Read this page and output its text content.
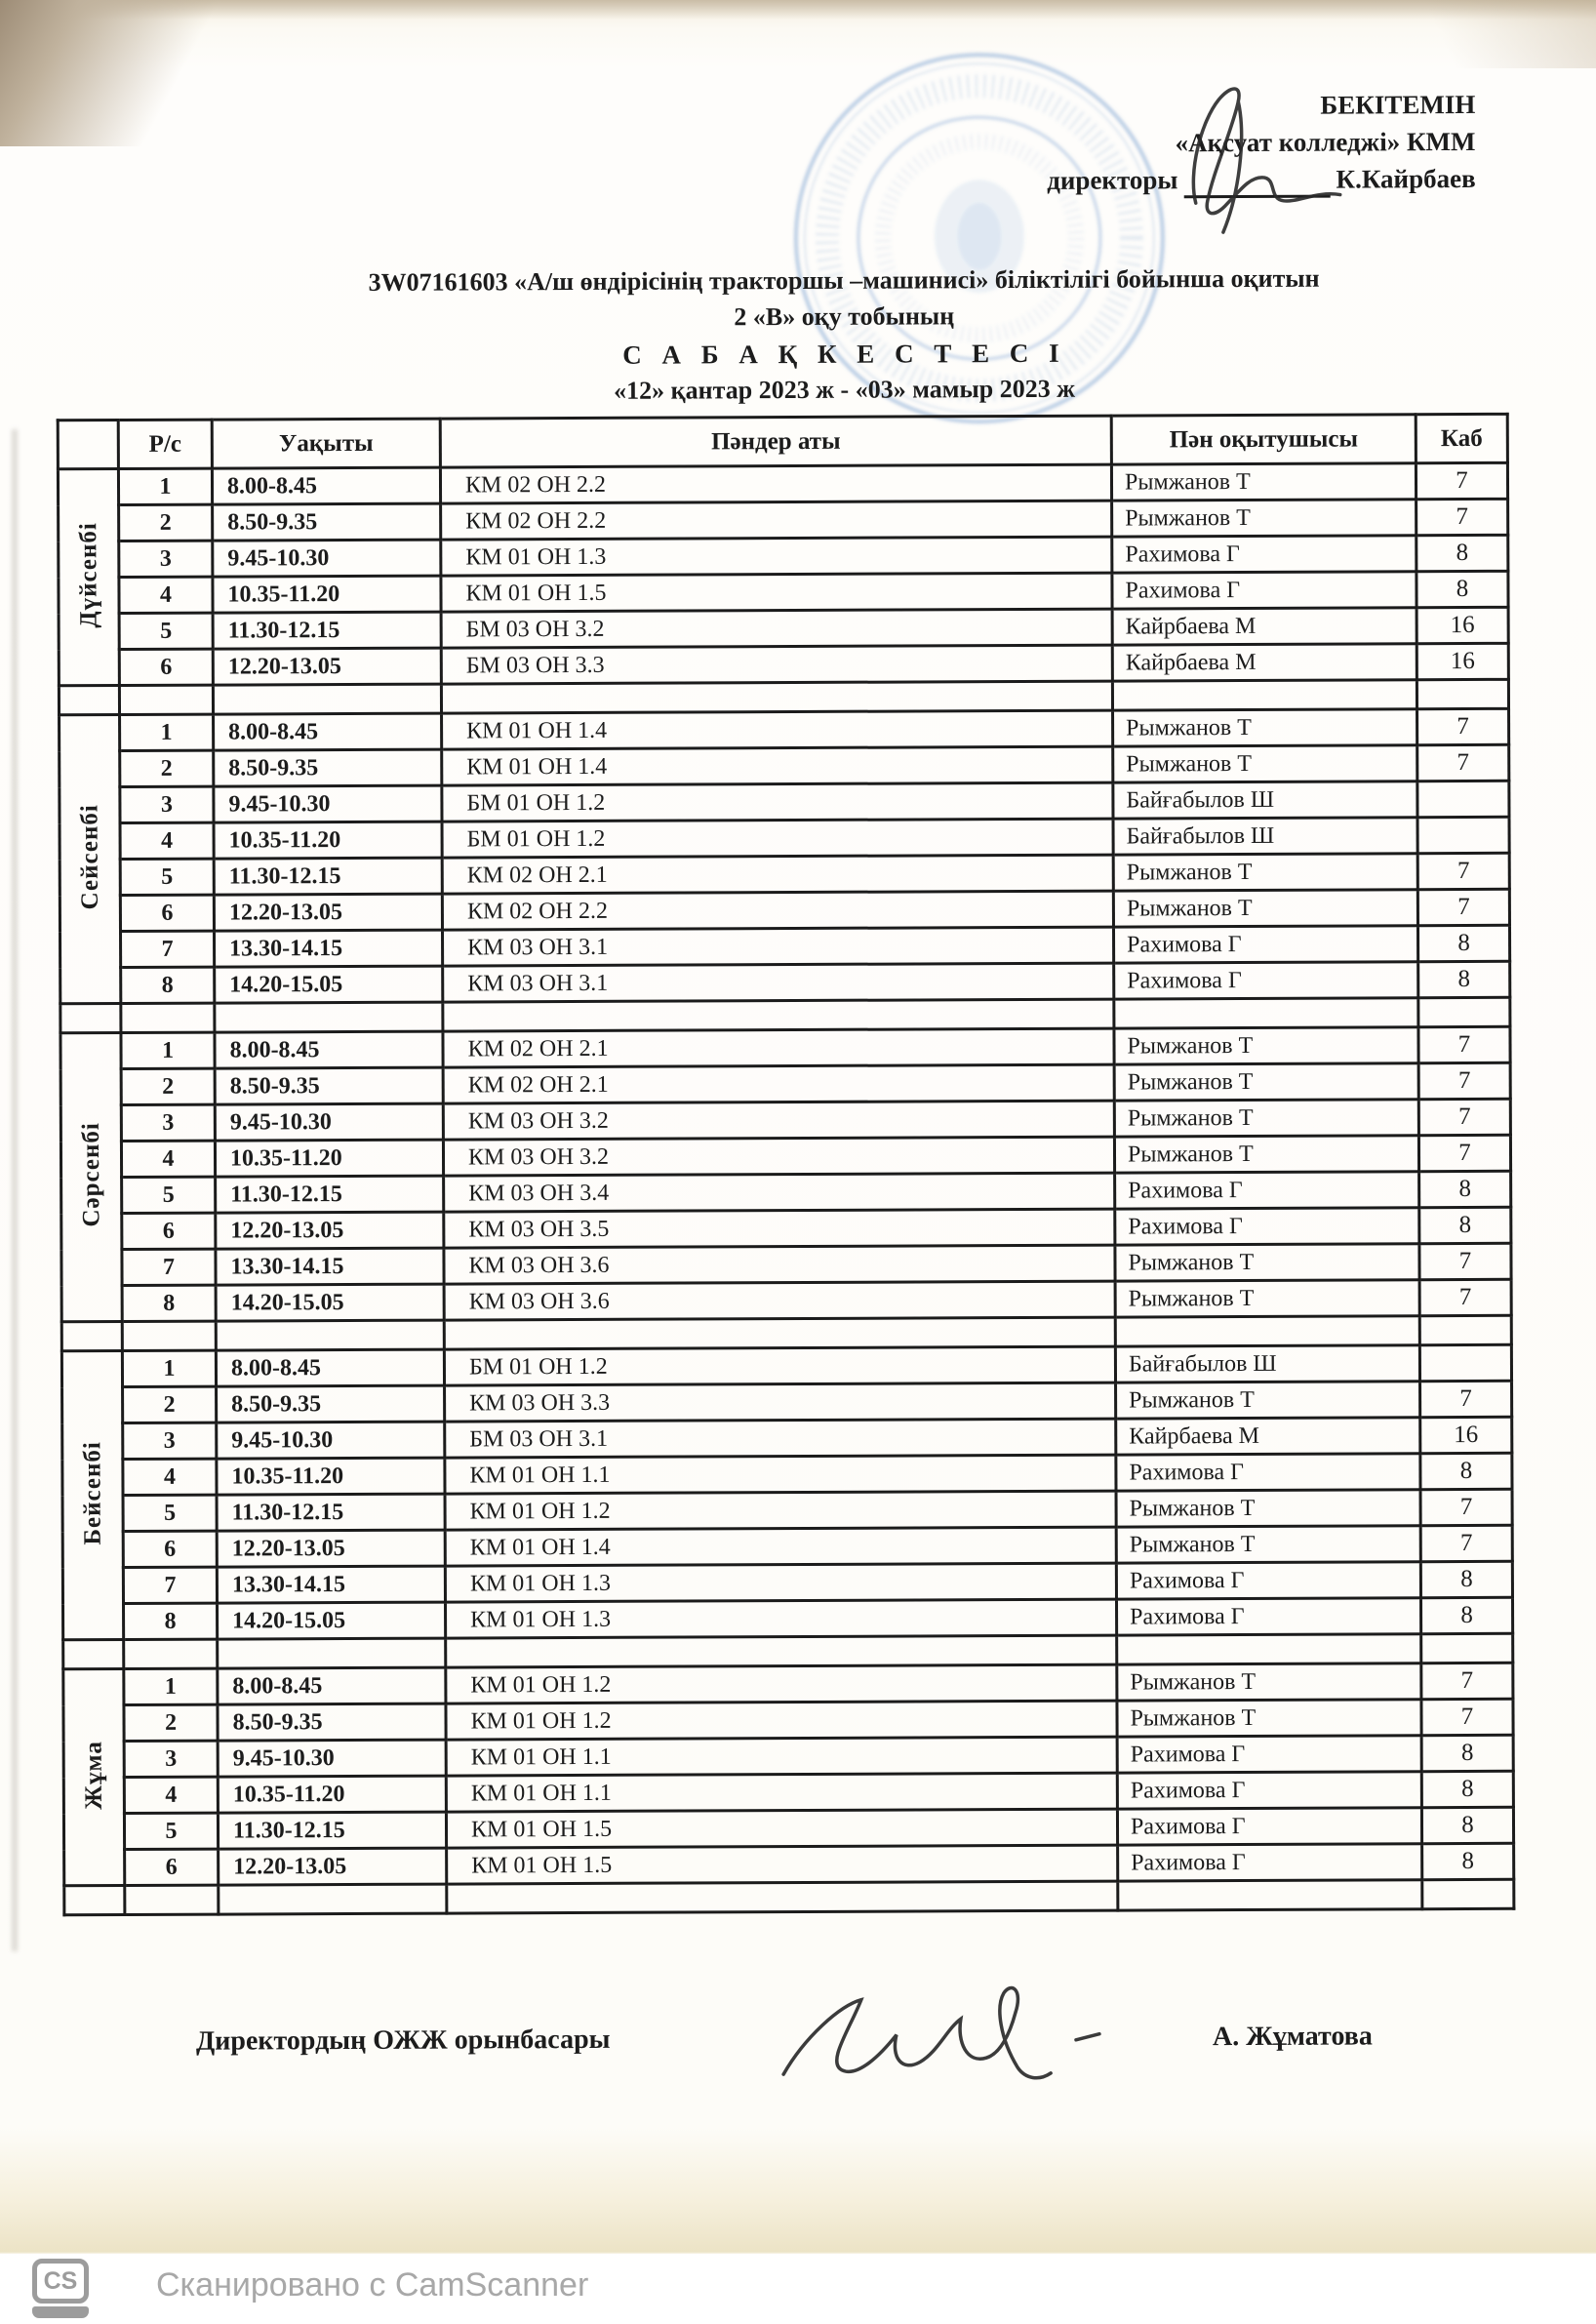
БЕКІТЕМІН
«Ақсуат колледжі» КММ
директоры	К.Кайрбаев
3W07161603 «А/ш өндірісінің тракторшы –машинисі» біліктілігі бойынша оқитын
2 «В» оқу тобының
С А Б А Қ К Е С Т Е С І
«12» қантар 2023 ж - «03» мамыр 2023 ж
	Р/с	Уақыты	Пәндер аты	Пән оқытушысы	Каб
Дүйсенбі	1	8.00-8.45	КМ 02 ОН 2.2	Рымжанов Т	7
	2	8.50-9.35	КМ 02 ОН 2.2	Рымжанов Т	7
	3	9.45-10.30	КМ 01 ОН 1.3	Рахимова Г	8
	4	10.35-11.20	КМ 01 ОН 1.5	Рахимова Г	8
	5	11.30-12.15	БМ 03 ОН 3.2	Кайрбаева М	16
	6	12.20-13.05	БМ 03 ОН 3.3	Кайрбаева М	16

Сейсенбі	1	8.00-8.45	КМ 01 ОН 1.4	Рымжанов Т	7
	2	8.50-9.35	КМ 01 ОН 1.4	Рымжанов Т	7
	3	9.45-10.30	БМ 01 ОН 1.2	Байғабылов Ш	
	4	10.35-11.20	БМ 01 ОН 1.2	Байғабылов Ш	
	5	11.30-12.15	КМ 02 ОН 2.1	Рымжанов Т	7
	6	12.20-13.05	КМ 02 ОН 2.2	Рымжанов Т	7
	7	13.30-14.15	КМ 03 ОН 3.1	Рахимова Г	8
	8	14.20-15.05	КМ 03 ОН 3.1	Рахимова Г	8

Сәрсенбі	1	8.00-8.45	КМ 02 ОН 2.1	Рымжанов Т	7
	2	8.50-9.35	КМ 02 ОН 2.1	Рымжанов Т	7
	3	9.45-10.30	КМ 03 ОН 3.2	Рымжанов Т	7
	4	10.35-11.20	КМ 03 ОН 3.2	Рымжанов Т	7
	5	11.30-12.15	КМ 03 ОН 3.4	Рахимова Г	8
	6	12.20-13.05	КМ 03 ОН 3.5	Рахимова Г	8
	7	13.30-14.15	КМ 03 ОН 3.6	Рымжанов Т	7
	8	14.20-15.05	КМ 03 ОН 3.6	Рымжанов Т	7

Бейсенбі	1	8.00-8.45	БМ 01 ОН 1.2	Байғабылов Ш	
	2	8.50-9.35	КМ 03 ОН 3.3	Рымжанов Т	7
	3	9.45-10.30	БМ 03 ОН 3.1	Кайрбаева М	16
	4	10.35-11.20	КМ 01 ОН 1.1	Рахимова Г	8
	5	11.30-12.15	КМ 01 ОН 1.2	Рымжанов Т	7
	6	12.20-13.05	КМ 01 ОН 1.4	Рымжанов Т	7
	7	13.30-14.15	КМ 01 ОН 1.3	Рахимова Г	8
	8	14.20-15.05	КМ 01 ОН 1.3	Рахимова Г	8

Жұма	1	8.00-8.45	КМ 01 ОН 1.2	Рымжанов Т	7
	2	8.50-9.35	КМ 01 ОН 1.2	Рымжанов Т	7
	3	9.45-10.30	КМ 01 ОН 1.1	Рахимова Г	8
	4	10.35-11.20	КМ 01 ОН 1.1	Рахимова Г	8
	5	11.30-12.15	КМ 01 ОН 1.5	Рахимова Г	8
	6	12.20-13.05	КМ 01 ОН 1.5	Рахимова Г	8

Директордың ОЖЖ орынбасары	А. Жұматова
CS	Сканировано с CamScanner
